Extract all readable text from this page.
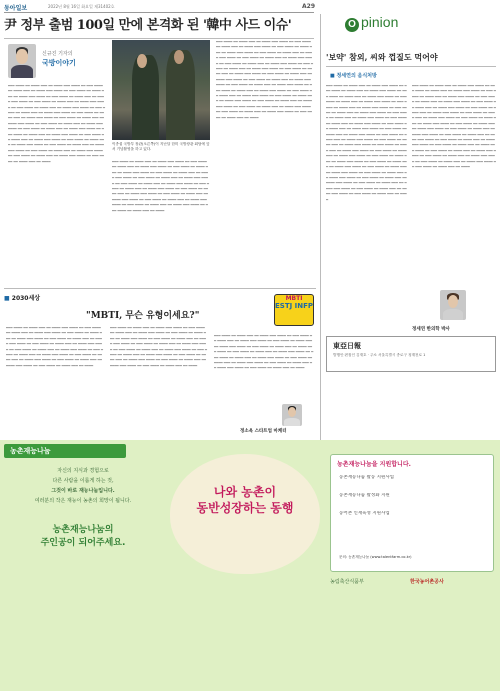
동아일보	2022년 8월 16일 화요일 제31402호	A29
O pinion
尹 정부 출범 100일 만에 본격화 된 '韓中 사드 이슈'
신규진 기자의
국방이야기
━━━ ━━━━ ━━ ━━━━ ━━━ ━━ ━━━━ ━━━ ━━━━ ━━ ━━━ ━━━━ ━━ ━━━━ ━━━ ━━ ━━━━ ━━━ ━━━━ ━━ ━━━ ━━━━ ━━ ━━━━ ━━━ ━━ ━━━━ ━━━ ━━━━ ━━ ━━━ ━━━━ ━━ ━━━━ ━━━ ━━ ━━━━ ━━━ ━━━━ ━━ ━━━ ━━━━ ━━ ━━━━ ━━━ ━━ ━━━━ ━━━ ━━━━ ━━ ━━━ ━━━━ ━━ ━━━━ ━━━ ━━ ━━━━ ━━━ ━━━━ ━━ ━━━ ━━━━ ━━ ━━━━ ━━━ ━━ ━━━━ ━━━ ━━━━ ━━ ━━━ ━━━━ ━━ ━━━━ ━━━ ━━ ━━━━ ━━━ ━━━━ ━━ ━━━ ━━━━ ━━ ━━━━ ━━━ ━━ ━━━━ ━━━ ━━━━ ━━ ━━━ ━━━━ ━━ ━━━━ ━━━ ━━ ━━━━ ━━━ ━━━━ ━━ ━━━ ━━━━ ━━ ━━━━ ━━━ ━━ ━━━━ ━━━ ━━━━ ━━ ━━━ ━━━━ ━━ ━━━━ ━━━ ━━ ━━━━ ━━━ ━━━━ ━━ ━━━ ━━━━ ━━ ━━━━ ━━━ ━━ ━━━━ ━━━ ━━━━ ━━ ━━━ ━━━━ ━━ ━━━━ ━━━ ━━ ━━━━ ━━━ ━━━━ ━━ ━━━ ━━━━ ━━ ━━━━ ━━━ ━━ ━━━━ ━━━ ━━━━ ━━ ━━━ ━━━━ ━━ ━━━━ ━━━ ━━ ━━━━ ━━━ ━━━━ ━━ ━━━ ━━━━ ━━ ━━━━ ━━━ ━━ ━━━━ ━━━ ━━━━ ━━ ━━━ ━━━━ ━━ ━━━━ ━━━ ━━ ━━━━
이종섭 국방부 장관(오른쪽)이 지난달 한미 국방장관 회담에 앞서 기념촬영을 하고 있다.
━━━ ━━━━ ━━ ━━━━ ━━━ ━━ ━━━━ ━━━ ━━━━ ━━ ━━━ ━━━━ ━━ ━━━━ ━━━ ━━ ━━━━ ━━━ ━━━━ ━━ ━━━ ━━━━ ━━ ━━━━ ━━━ ━━ ━━━━ ━━━ ━━━━ ━━ ━━━ ━━━━ ━━ ━━━━ ━━━ ━━ ━━━━ ━━━ ━━━━ ━━ ━━━ ━━━━ ━━ ━━━━ ━━━ ━━ ━━━━ ━━━ ━━━━ ━━ ━━━ ━━━━ ━━ ━━━━ ━━━ ━━ ━━━━ ━━━ ━━━━ ━━ ━━━ ━━━━ ━━ ━━━━ ━━━ ━━ ━━━━ ━━━ ━━━━ ━━ ━━━ ━━━━ ━━ ━━━━ ━━━ ━━ ━━━━ ━━━ ━━━━ ━━ ━━━ ━━━━ ━━ ━━━━ ━━━ ━━ ━━━━ ━━━ ━━━━ ━━ ━━━ ━━━━ ━━ ━━━━ ━━━ ━━ ━━━━ ━━━ ━━━━ ━━ ━━━ ━━━━ ━━ ━━━━ ━━━ ━━ ━━━━ ━━━ ━━━━ ━━ ━━━ ━━━━ ━━ ━━━━ ━━━ ━━ ━━━━
━━━ ━━━━ ━━ ━━━━ ━━━ ━━ ━━━━ ━━━ ━━━━ ━━ ━━━ ━━━━ ━━ ━━━━ ━━━ ━━ ━━━━ ━━━ ━━━━ ━━ ━━━ ━━━━ ━━ ━━━━ ━━━ ━━ ━━━━ ━━━ ━━━━ ━━ ━━━ ━━━━ ━━ ━━━━ ━━━ ━━ ━━━━ ━━━ ━━━━ ━━ ━━━ ━━━━ ━━ ━━━━ ━━━ ━━ ━━━━ ━━━ ━━━━ ━━ ━━━ ━━━━ ━━ ━━━━ ━━━ ━━ ━━━━ ━━━ ━━━━ ━━ ━━━ ━━━━ ━━ ━━━━ ━━━ ━━ ━━━━ ━━━ ━━━━ ━━ ━━━ ━━━━ ━━ ━━━━ ━━━ ━━ ━━━━ ━━━ ━━━━ ━━ ━━━ ━━━━ ━━ ━━━━ ━━━ ━━ ━━━━ ━━━ ━━━━ ━━ ━━━ ━━━━ ━━ ━━━━ ━━━ ━━ ━━━━ ━━━ ━━━━ ━━ ━━━ ━━━━ ━━ ━━━━ ━━━ ━━ ━━━━ ━━━ ━━━━ ━━ ━━━ ━━━━ ━━ ━━━━ ━━━ ━━ ━━━━ ━━━ ━━━━ ━━ ━━━ ━━━━ ━━ ━━━━ ━━━ ━━ ━━━━ ━━━ ━━━━ ━━ ━━━ ━━━━ ━━ ━━━━ ━━━ ━━ ━━━━ ━━━ ━━━━ ━━ ━━━ ━━━━ ━━ ━━━━ ━━━ ━━ ━━━━ ━━━ ━━━━ ━━ ━━━ ━━━━ ━━ ━━━━ ━━━ ━━ ━━━━ ━━━ ━━━━ ━━ ━━━ ━━━━ ━━ ━━━━ ━━━ ━━ ━━━━ ━━━ ━━━━ ━━ ━━━ ━━━━ ━━ ━━━━ ━━━ ━━ ━━━━
'보약' 참외, 씨와 껍질도 먹어야
■ 정세연의 음식처방
━━━ ━━━━ ━━ ━━━━ ━━━ ━━ ━━━━ ━━━ ━━━━ ━━ ━━━ ━━━━ ━━ ━━━━ ━━━ ━━ ━━━━ ━━━ ━━━━ ━━ ━━━ ━━━━ ━━ ━━━━ ━━━ ━━ ━━━━ ━━━ ━━━━ ━━ ━━━ ━━━━ ━━ ━━━━ ━━━ ━━ ━━━━ ━━━ ━━━━ ━━ ━━━ ━━━━ ━━ ━━━━ ━━━ ━━ ━━━━ ━━━ ━━━━ ━━ ━━━ ━━━━ ━━ ━━━━ ━━━ ━━ ━━━━ ━━━ ━━━━ ━━ ━━━ ━━━━ ━━ ━━━━ ━━━ ━━ ━━━━ ━━━ ━━━━ ━━ ━━━ ━━━━ ━━ ━━━━ ━━━ ━━ ━━━━ ━━━ ━━━━ ━━ ━━━ ━━━━ ━━ ━━━━ ━━━ ━━ ━━━━ ━━━ ━━━━ ━━ ━━━ ━━━━ ━━ ━━━━ ━━━ ━━ ━━━━ ━━━ ━━━━ ━━ ━━━ ━━━━ ━━ ━━━━ ━━━ ━━ ━━━━ ━━━ ━━━━ ━━ ━━━ ━━━━ ━━ ━━━━ ━━━ ━━ ━━━━ ━━━ ━━━━ ━━ ━━━ ━━━━ ━━ ━━━━ ━━━ ━━ ━━━━ ━━━ ━━━━ ━━ ━━━ ━━━━ ━━ ━━━━ ━━━ ━━ ━━━━ ━━━ ━━━━ ━━ ━━━ ━━━━ ━━ ━━━━ ━━━ ━━ ━━━━ ━━━ ━━━━ ━━ ━━━ ━━━━ ━━ ━━━━ ━━━ ━━ ━━━━ ━━━ ━━━━ ━━ ━━━ ━━━━ ━━ ━━━━ ━━━ ━━ ━━━━ ━━━ ━━━━ ━━ ━━━ ━━━━ ━━ ━━━━ ━━━ ━━ ━━━━ ━━━ ━━━━ ━━ ━━━ ━━━━ ━━ ━━━━ ━━━ ━━ ━━━━ ━━━ ━━━━ ━━ ━━━ ━━━━ ━━ ━━━━ ━━━ ━━ ━━━━ ━━━ ━━━━ ━━ ━━━ ━━━━ ━━ ━━━━ ━━━ ━━ ━━━━ ━━━ ━━━━ ━━ ━━━ ━━━━ ━━ ━━━━ ━━━ ━━ ━━━━
━━━ ━━━━ ━━ ━━━━ ━━━ ━━ ━━━━ ━━━ ━━━━ ━━ ━━━ ━━━━ ━━ ━━━━ ━━━ ━━ ━━━━ ━━━ ━━━━ ━━ ━━━ ━━━━ ━━ ━━━━ ━━━ ━━ ━━━━ ━━━ ━━━━ ━━ ━━━ ━━━━ ━━ ━━━━ ━━━ ━━ ━━━━ ━━━ ━━━━ ━━ ━━━ ━━━━ ━━ ━━━━ ━━━ ━━ ━━━━ ━━━ ━━━━ ━━ ━━━ ━━━━ ━━ ━━━━ ━━━ ━━ ━━━━ ━━━ ━━━━ ━━ ━━━ ━━━━ ━━ ━━━━ ━━━ ━━ ━━━━ ━━━ ━━━━ ━━ ━━━ ━━━━ ━━ ━━━━ ━━━ ━━ ━━━━ ━━━ ━━━━ ━━ ━━━ ━━━━ ━━ ━━━━ ━━━ ━━ ━━━━ ━━━ ━━━━ ━━ ━━━ ━━━━ ━━ ━━━━ ━━━ ━━ ━━━━ ━━━ ━━━━ ━━ ━━━ ━━━━ ━━ ━━━━ ━━━ ━━ ━━━━ ━━━ ━━━━ ━━ ━━━ ━━━━ ━━ ━━━━ ━━━ ━━ ━━━━ ━━━ ━━━━ ━━ ━━━ ━━━━ ━━ ━━━━ ━━━ ━━ ━━━━ ━━━ ━━━━ ━━ ━━━ ━━━━ ━━ ━━━━ ━━━ ━━ ━━━━ ━━━ ━━━━ ━━ ━━━ ━━━━ ━━ ━━━━ ━━━ ━━ ━━━━ ━━━ ━━━━ ━━ ━━━ ━━━━ ━━ ━━━━ ━━━ ━━ ━━━━ ━━━ ━━━━ ━━ ━━━ ━━━━ ━━ ━━━━ ━━━ ━━ ━━━━
정세연 한의학 박사
東亞日報
발행인·편집인 김재호 · 주소 서울특별시 종로구 청계천로 1
■ 2030세상
"MBTI, 무슨 유형이세요?"
MBTI
ESTJ INFP
━━━ ━━━━ ━━ ━━━━ ━━━ ━━ ━━━━ ━━━ ━━━━ ━━ ━━━ ━━━━ ━━ ━━━━ ━━━ ━━ ━━━━ ━━━ ━━━━ ━━ ━━━ ━━━━ ━━ ━━━━ ━━━ ━━ ━━━━ ━━━ ━━━━ ━━ ━━━ ━━━━ ━━ ━━━━ ━━━ ━━ ━━━━ ━━━ ━━━━ ━━ ━━━ ━━━━ ━━ ━━━━ ━━━ ━━ ━━━━ ━━━ ━━━━ ━━ ━━━ ━━━━ ━━ ━━━━ ━━━ ━━ ━━━━ ━━━ ━━━━ ━━ ━━━ ━━━━ ━━ ━━━━ ━━━ ━━ ━━━━ ━━━ ━━━━ ━━ ━━━ ━━━━ ━━ ━━━━ ━━━ ━━ ━━━━ ━━━ ━━━━ ━━ ━━━ ━━━━ ━━ ━━━━ ━━━ ━━ ━━━━ ━━━ ━━━━ ━━ ━━━ ━━━━ ━━ ━━━━ ━━━ ━━ ━━━━
━━━ ━━━━ ━━ ━━━━ ━━━ ━━ ━━━━ ━━━ ━━━━ ━━ ━━━ ━━━━ ━━ ━━━━ ━━━ ━━ ━━━━ ━━━ ━━━━ ━━ ━━━ ━━━━ ━━ ━━━━ ━━━ ━━ ━━━━ ━━━ ━━━━ ━━ ━━━ ━━━━ ━━ ━━━━ ━━━ ━━ ━━━━ ━━━ ━━━━ ━━ ━━━ ━━━━ ━━ ━━━━ ━━━ ━━ ━━━━ ━━━ ━━━━ ━━ ━━━ ━━━━ ━━ ━━━━ ━━━ ━━ ━━━━ ━━━ ━━━━ ━━ ━━━ ━━━━ ━━ ━━━━ ━━━ ━━ ━━━━ ━━━ ━━━━ ━━ ━━━ ━━━━ ━━ ━━━━ ━━━ ━━ ━━━━ ━━━ ━━━━ ━━ ━━━ ━━━━ ━━ ━━━━ ━━━ ━━ ━━━━ ━━━ ━━━━ ━━ ━━━ ━━━━ ━━ ━━━━ ━━━ ━━ ━━━━
━━━ ━━━━ ━━ ━━━━ ━━━ ━━ ━━━━ ━━━ ━━━━ ━━ ━━━ ━━━━ ━━ ━━━━ ━━━ ━━ ━━━━ ━━━ ━━━━ ━━ ━━━ ━━━━ ━━ ━━━━ ━━━ ━━ ━━━━ ━━━ ━━━━ ━━ ━━━ ━━━━ ━━ ━━━━ ━━━ ━━ ━━━━ ━━━ ━━━━ ━━ ━━━ ━━━━ ━━ ━━━━ ━━━ ━━ ━━━━ ━━━ ━━━━ ━━ ━━━ ━━━━ ━━ ━━━━ ━━━ ━━ ━━━━ ━━━ ━━━━ ━━ ━━━ ━━━━ ━━ ━━━━ ━━━ ━━ ━━━━ ━━━ ━━━━ ━━ ━━━ ━━━━ ━━ ━━━━ ━━━ ━━ ━━━━ ━━━ ━━━━ ━━ ━━━ ━━━━ ━━ ━━━━ ━━━ ━━ ━━━━
정소옥 스타트업 마케터
농촌재능나눔
자신의 지식과 경험으로
다른 사람을 이롭게 하는 것,
그것이 바로 재능나눔입니다.
여러분의 작은 재능이 농촌의 희망이 됩니다.
농촌재능나눔의
주인공이 되어주세요.
나와 농촌이
동반성장하는 동행
농촌재능나눔을 지원합니다.
농촌재능나눔 활동 지원사업
농촌재능나눔 활성화 지원
농어촌 인재육성 지원사업
문의: 농촌재능나눔 (www.talentfarm.co.kr)
농림축산식품부	한국농어촌공사
